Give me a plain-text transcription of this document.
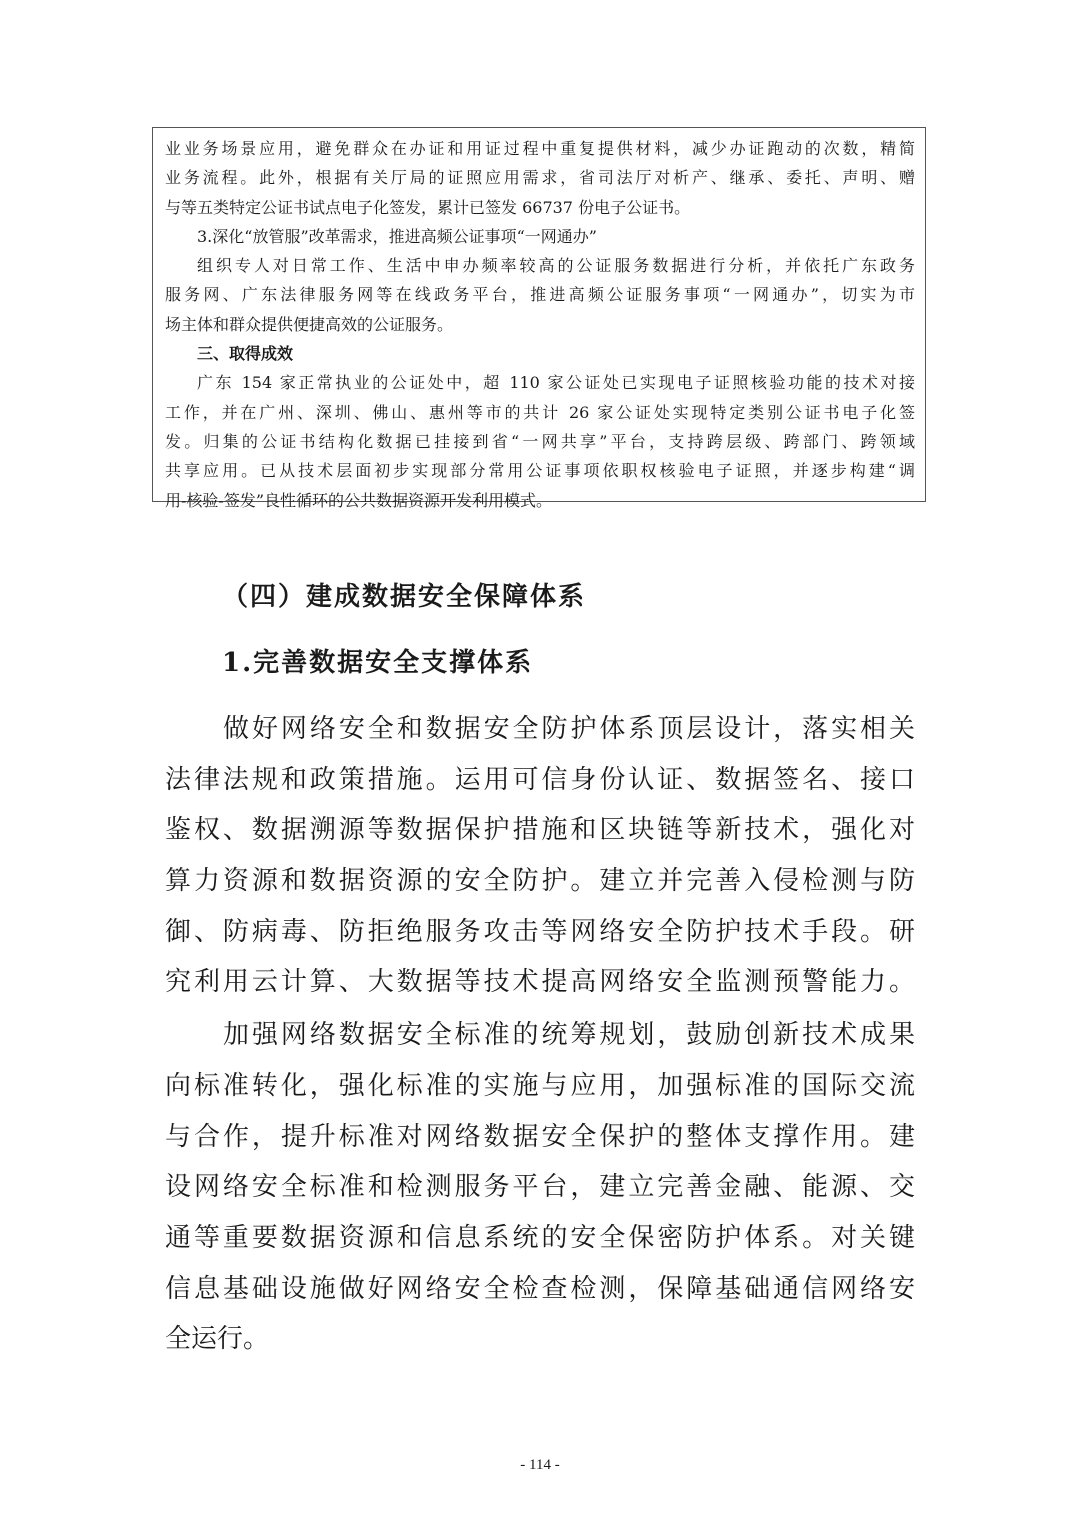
业业务场景应用，避免群众在办证和用证过程中重复提供材料，减少办证跑动的次数，精简
业务流程。此外，根据有关厅局的证照应用需求，省司法厅对析产、继承、委托、声明、赠
与等五类特定公证书试点电子化签发，累计已签发 66737 份电子公证书。
3.深化“放管服”改革需求，推进高频公证事项“一网通办”
组织专人对日常工作、生活中申办频率较高的公证服务数据进行分析，并依托广东政务
服务网、广东法律服务网等在线政务平台，推进高频公证服务事项“一网通办”，切实为市
场主体和群众提供便捷高效的公证服务。
三、取得成效
广东 154 家正常执业的公证处中，超 110 家公证处已实现电子证照核验功能的技术对接
工作，并在广州、深圳、佛山、惠州等市的共计 26 家公证处实现特定类别公证书电子化签
发。归集的公证书结构化数据已挂接到省“一网共享”平台，支持跨层级、跨部门、跨领域
共享应用。已从技术层面初步实现部分常用公证事项依职权核验电子证照，并逐步构建“调
用-核验-签发”良性循环的公共数据资源开发利用模式。
（四）建成数据安全保障体系
1.完善数据安全支撑体系
做好网络安全和数据安全防护体系顶层设计，落实相关
法律法规和政策措施。运用可信身份认证、数据签名、接口
鉴权、数据溯源等数据保护措施和区块链等新技术，强化对
算力资源和数据资源的安全防护。建立并完善入侵检测与防
御、防病毒、防拒绝服务攻击等网络安全防护技术手段。研
究利用云计算、大数据等技术提高网络安全监测预警能力。
加强网络数据安全标准的统筹规划，鼓励创新技术成果
向标准转化，强化标准的实施与应用，加强标准的国际交流
与合作，提升标准对网络数据安全保护的整体支撑作用。建
设网络安全标准和检测服务平台，建立完善金融、能源、交
通等重要数据资源和信息系统的安全保密防护体系。对关键
信息基础设施做好网络安全检查检测，保障基础通信网络安
全运行。
- 114 -
